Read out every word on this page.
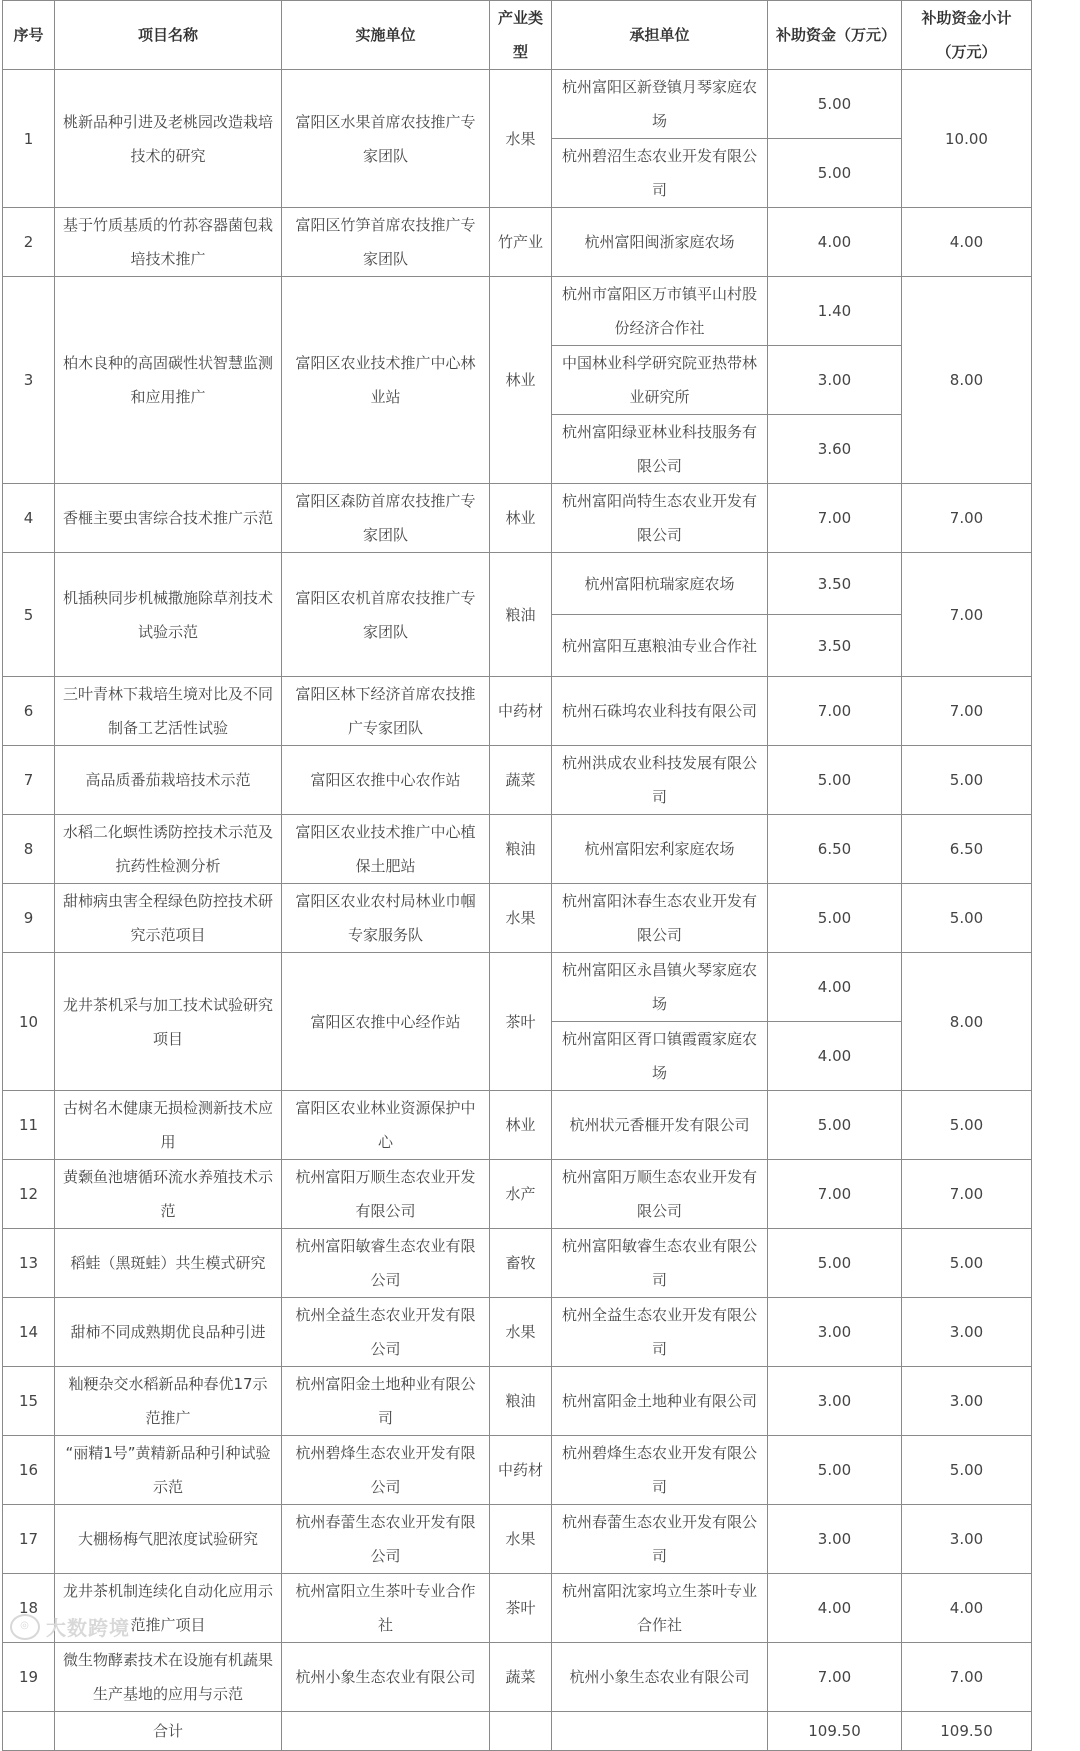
序号	项目名称	实施单位	产业类型	承担单位	补助资金（万元）	补助资金小计（万元）
1	桃新品种引进及老桃园改造栽培技术的研究	富阳区水果首席农技推广专家团队	水果	杭州富阳区新登镇月琴家庭农场	5.00	10.00
				杭州碧沼生态农业开发有限公司	5.00	
2	基于竹质基质的竹荪容器菌包栽培技术推广	富阳区竹笋首席农技推广专家团队	竹产业	杭州富阳闽浙家庭农场	4.00	4.00
3	柏木良种的高固碳性状智慧监测和应用推广	富阳区农业技术推广中心林业站	林业	杭州市富阳区万市镇平山村股份经济合作社	1.40	8.00
				中国林业科学研究院亚热带林业研究所	3.00	
				杭州富阳绿亚林业科技服务有限公司	3.60	
4	香榧主要虫害综合技术推广示范	富阳区森防首席农技推广专家团队	林业	杭州富阳尚特生态农业开发有限公司	7.00	7.00
5	机插秧同步机械撒施除草剂技术试验示范	富阳区农机首席农技推广专家团队	粮油	杭州富阳杭瑞家庭农场	3.50	7.00
				杭州富阳互惠粮油专业合作社	3.50	
6	三叶青林下栽培生境对比及不同制备工艺活性试验	富阳区林下经济首席农技推广专家团队	中药材	杭州石硃坞农业科技有限公司	7.00	7.00
7	高品质番茄栽培技术示范	富阳区农推中心农作站	蔬菜	杭州洪成农业科技发展有限公司	5.00	5.00
8	水稻二化螟性诱防控技术示范及抗药性检测分析	富阳区农业技术推广中心植保土肥站	粮油	杭州富阳宏利家庭农场	6.50	6.50
9	甜柿病虫害全程绿色防控技术研究示范项目	富阳区农业农村局林业巾帼专家服务队	水果	杭州富阳沐春生态农业开发有限公司	5.00	5.00
10	龙井茶机采与加工技术试验研究项目	富阳区农推中心经作站	茶叶	杭州富阳区永昌镇火琴家庭农场	4.00	8.00
				杭州富阳区胥口镇霞霞家庭农场	4.00	
11	古树名木健康无损检测新技术应用	富阳区农业林业资源保护中心	林业	杭州状元香榧开发有限公司	5.00	5.00
12	黄颡鱼池塘循环流水养殖技术示范	杭州富阳万顺生态农业开发有限公司	水产	杭州富阳万顺生态农业开发有限公司	7.00	7.00
13	稻蛙（黑斑蛙）共生模式研究	杭州富阳敏睿生态农业有限公司	畜牧	杭州富阳敏睿生态农业有限公司	5.00	5.00
14	甜柿不同成熟期优良品种引进	杭州全益生态农业开发有限公司	水果	杭州全益生态农业开发有限公司	3.00	3.00
15	籼粳杂交水稻新品种春优17示范推广	杭州富阳金土地种业有限公司	粮油	杭州富阳金土地种业有限公司	3.00	3.00
16	“丽精1号”黄精新品种引种试验示范	杭州碧烽生态农业开发有限公司	中药材	杭州碧烽生态农业开发有限公司	5.00	5.00
17	大棚杨梅气肥浓度试验研究	杭州春蕾生态农业开发有限公司	水果	杭州春蕾生态农业开发有限公司	3.00	3.00
18	龙井茶机制连续化自动化应用示范推广项目	杭州富阳立生茶叶专业合作社	茶叶	杭州富阳沈家坞立生茶叶专业合作社	4.00	4.00
19	微生物酵素技术在设施有机蔬果生产基地的应用与示范	杭州小象生态农业有限公司	蔬菜	杭州小象生态农业有限公司	7.00	7.00
	合计				109.50	109.50
◎ 大数跨境
